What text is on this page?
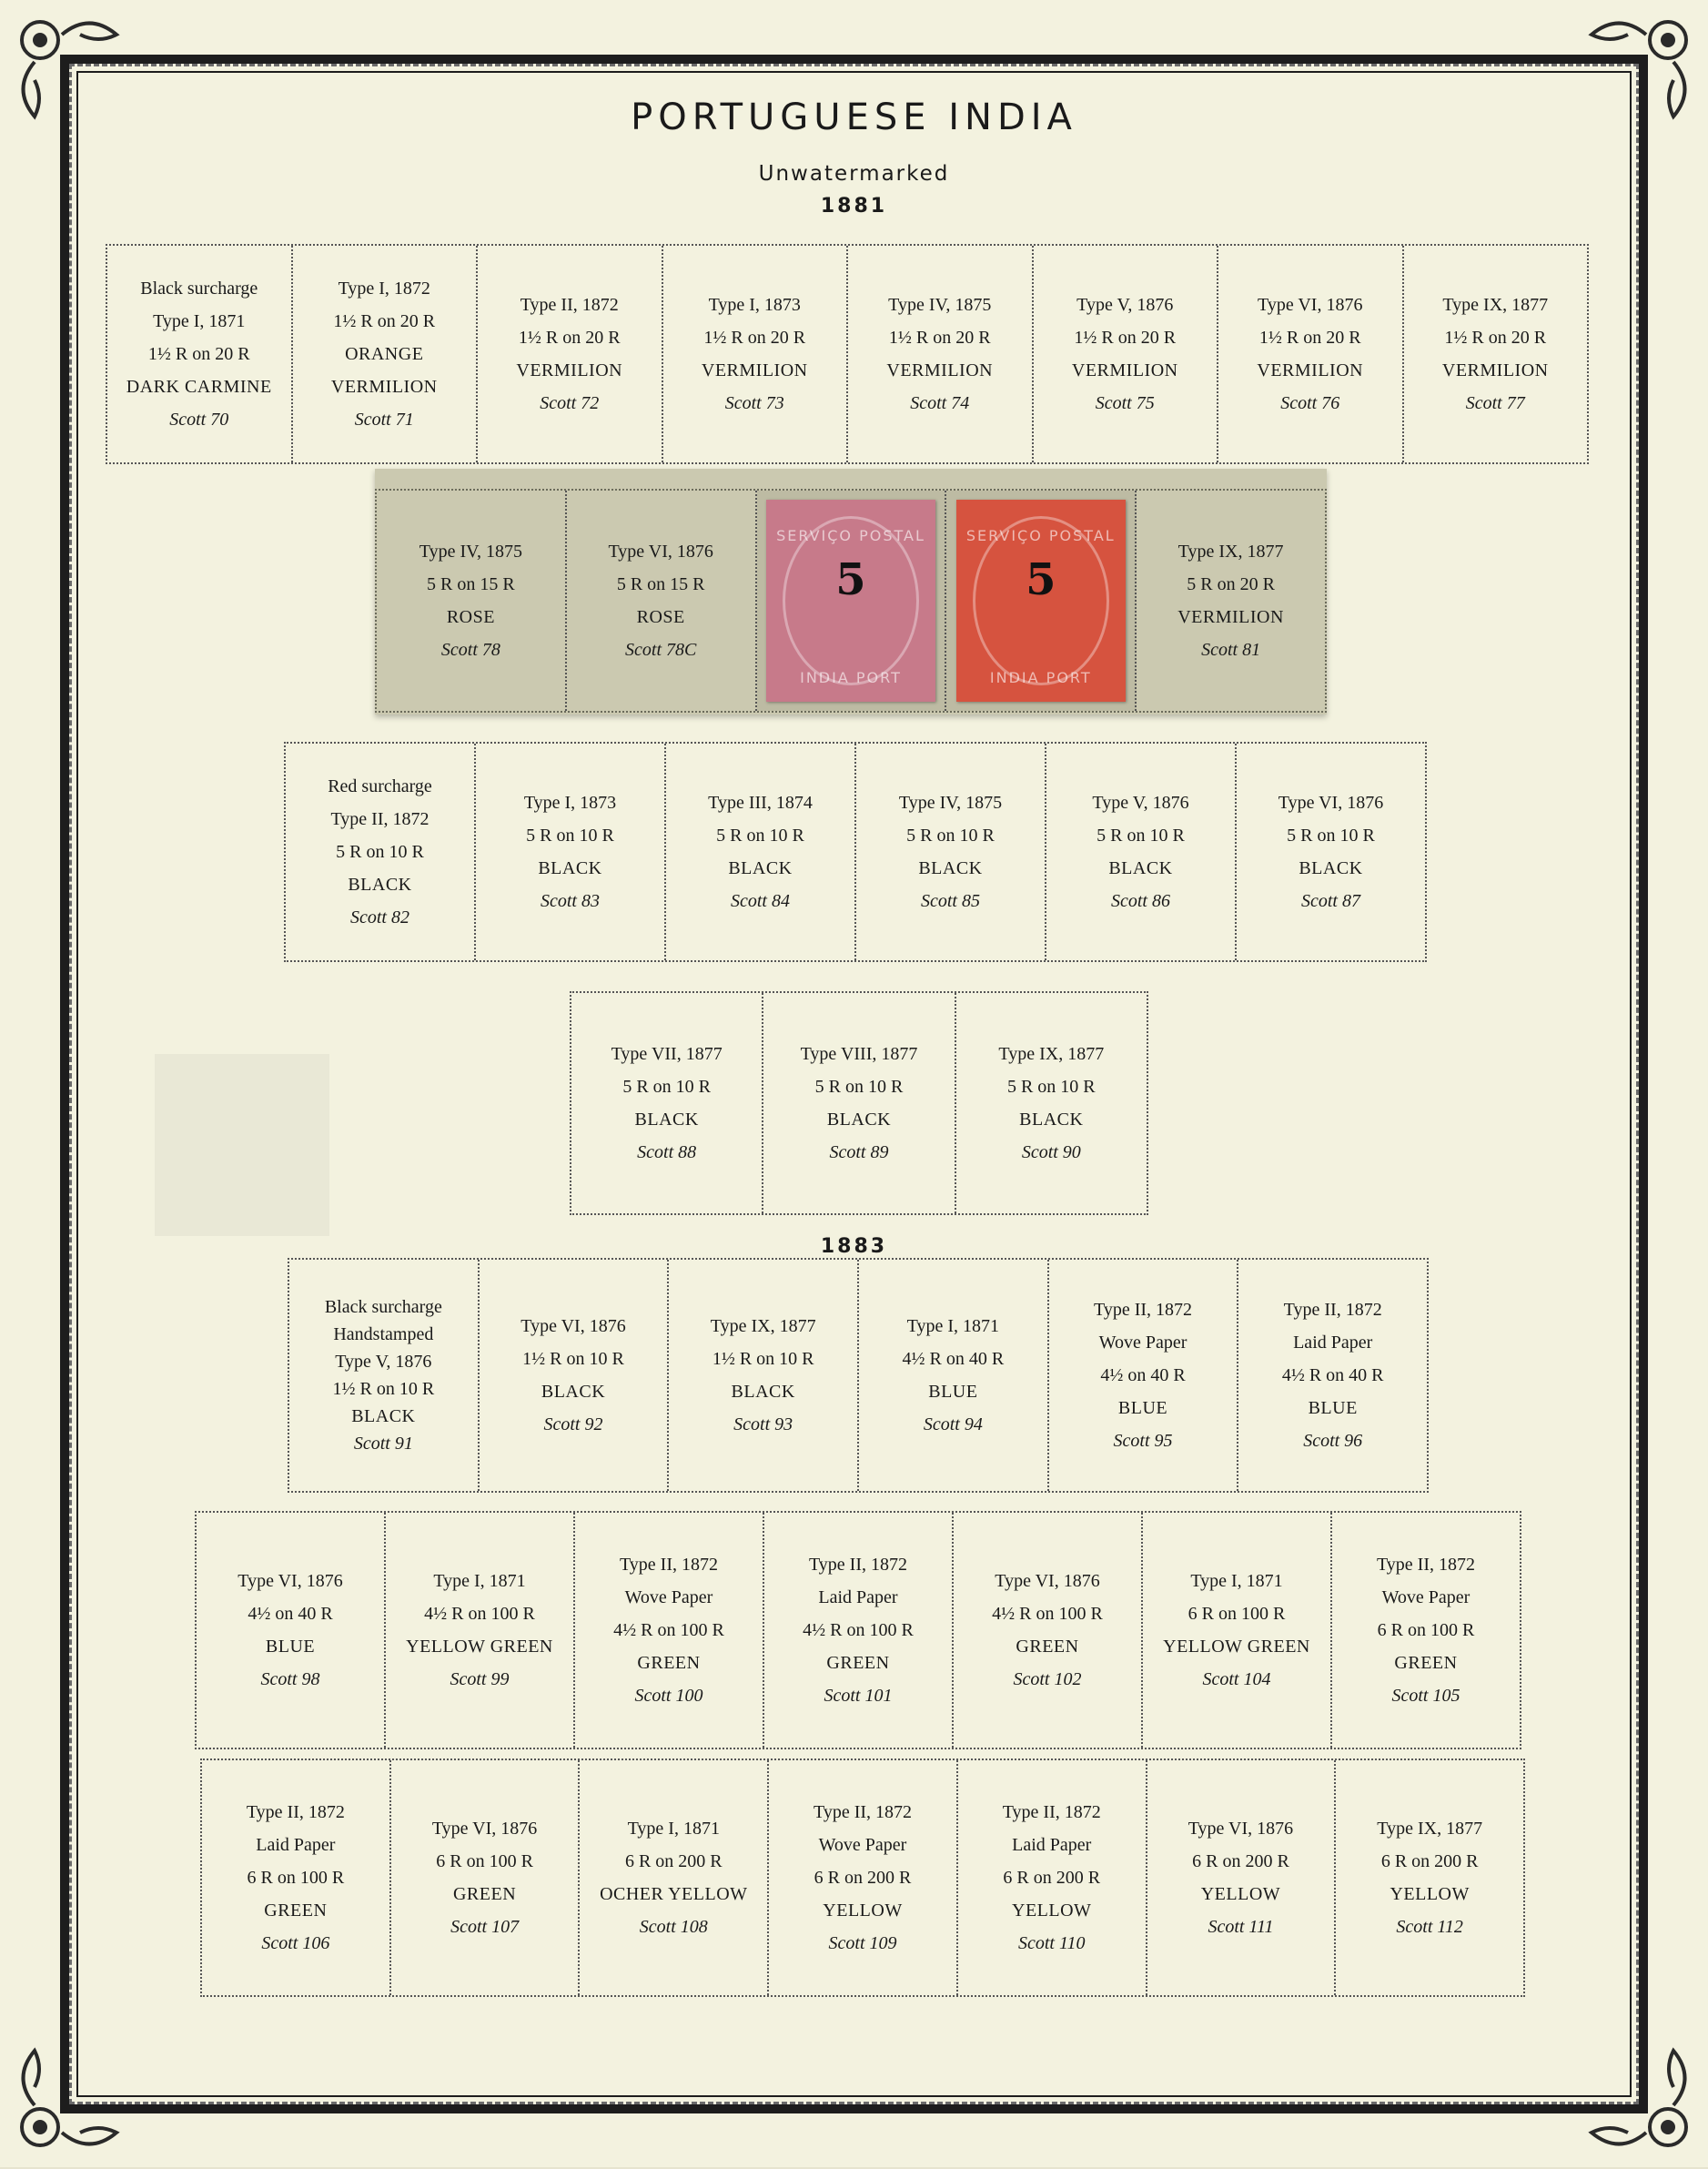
PORTUGUESE INDIA
Unwatermarked
1881
1883
Black surcharge
Type I, 1871
1½ R on 20 R
DARK CARMINE
Scott 70
Type I, 1872
1½ R on 20 R
ORANGE VERMILION
Scott 71
Type II, 1872
1½ R on 20 R
VERMILION
Scott 72
Type I, 1873
1½ R on 20 R
VERMILION
Scott 73
Type IV, 1875
1½ R on 20 R
VERMILION
Scott 74
Type V, 1876
1½ R on 20 R
VERMILION
Scott 75
Type VI, 1876
1½ R on 20 R
VERMILION
Scott 76
Type IX, 1877
1½ R on 20 R
VERMILION
Scott 77
Type IV, 1875
5 R on 15 R
ROSE
Scott 78
Type VI, 1876
5 R on 15 R
ROSE
Scott 78C
SERVIÇO POSTAL
5
INDIA PORT
SERVIÇO POSTAL
5
INDIA PORT
Type IX, 1877
5 R on 20 R
VERMILION
Scott 81
Red surcharge
Type II, 1872
5 R on 10 R
BLACK
Scott 82
Type I, 1873
5 R on 10 R
BLACK
Scott 83
Type III, 1874
5 R on 10 R
BLACK
Scott 84
Type IV, 1875
5 R on 10 R
BLACK
Scott 85
Type V, 1876
5 R on 10 R
BLACK
Scott 86
Type VI, 1876
5 R on 10 R
BLACK
Scott 87
Type VII, 1877
5 R on 10 R
BLACK
Scott 88
Type VIII, 1877
5 R on 10 R
BLACK
Scott 89
Type IX, 1877
5 R on 10 R
BLACK
Scott 90
Black surcharge
Handstamped
Type V, 1876
1½ R on 10 R
BLACK
Scott 91
Type VI, 1876
1½ R on 10 R
BLACK
Scott 92
Type IX, 1877
1½ R on 10 R
BLACK
Scott 93
Type I, 1871
4½ R on 40 R
BLUE
Scott 94
Type II, 1872
Wove Paper
4½ on 40 R
BLUE
Scott 95
Type II, 1872
Laid Paper
4½ R on 40 R
BLUE
Scott 96
Type VI, 1876
4½ on 40 R
BLUE
Scott 98
Type I, 1871
4½ R on 100 R
YELLOW GREEN
Scott 99
Type II, 1872
Wove Paper
4½ R on 100 R
GREEN
Scott 100
Type II, 1872
Laid Paper
4½ R on 100 R
GREEN
Scott 101
Type VI, 1876
4½ R on 100 R
GREEN
Scott 102
Type I, 1871
6 R on 100 R
YELLOW GREEN
Scott 104
Type II, 1872
Wove Paper
6 R on 100 R
GREEN
Scott 105
Type II, 1872
Laid Paper
6 R on 100 R
GREEN
Scott 106
Type VI, 1876
6 R on 100 R
GREEN
Scott 107
Type I, 1871
6 R on 200 R
OCHER YELLOW
Scott 108
Type II, 1872
Wove Paper
6 R on 200 R
YELLOW
Scott 109
Type II, 1872
Laid Paper
6 R on 200 R
YELLOW
Scott 110
Type VI, 1876
6 R on 200 R
YELLOW
Scott 111
Type IX, 1877
6 R on 200 R
YELLOW
Scott 112
